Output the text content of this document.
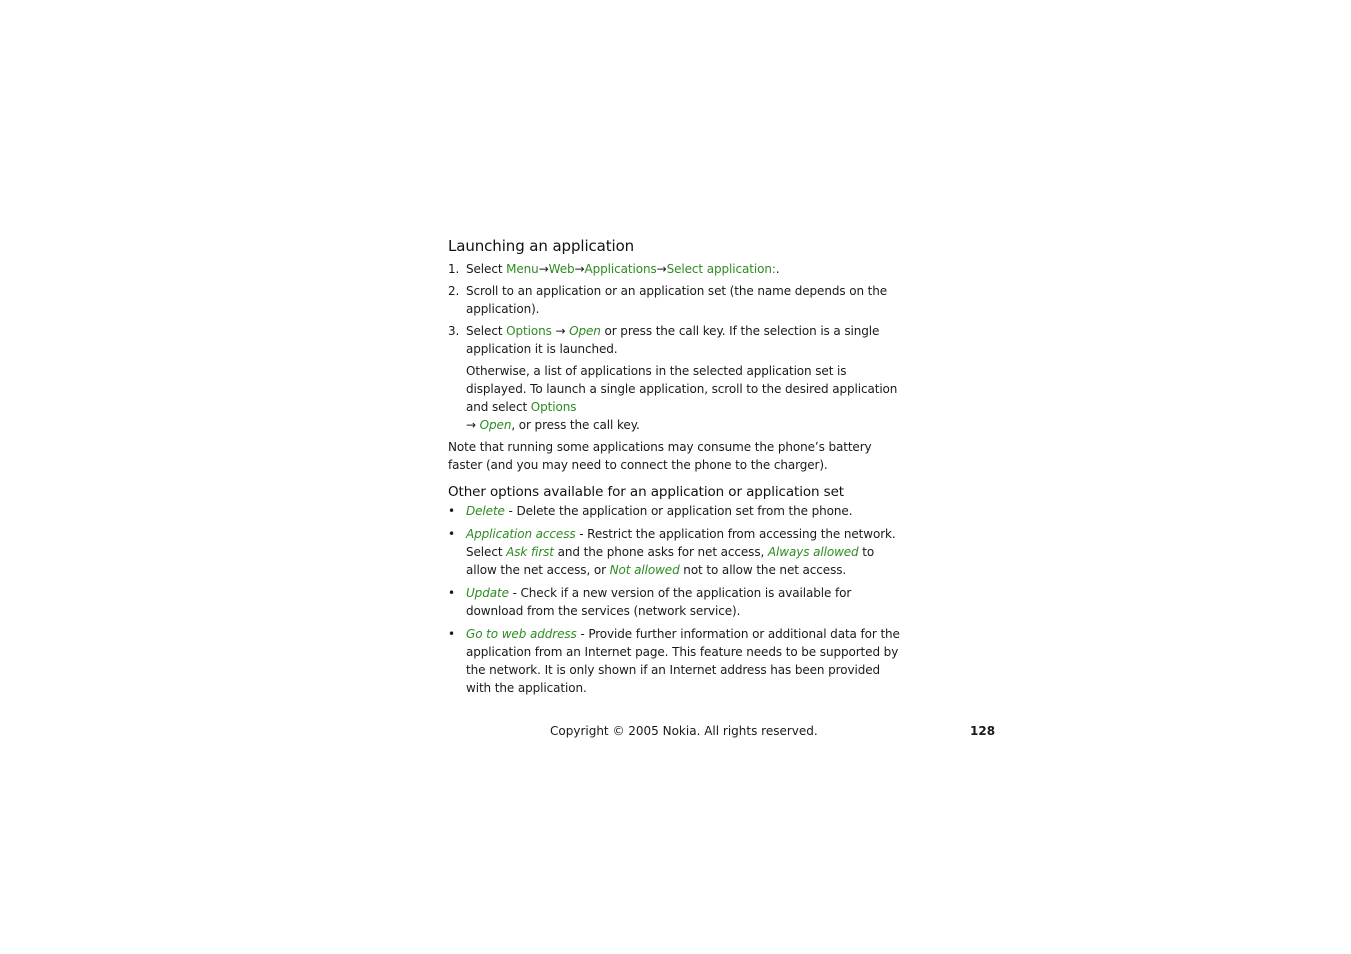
Launching an application
1. Select Menu→Web→Applications→Select application:.
2. Scroll to an application or an application set (the name depends on the application).
3. Select Options → Open or press the call key. If the selection is a single application it is launched.
Otherwise, a list of applications in the selected application set is displayed. To launch a single application, scroll to the desired application and select Options
→ Open, or press the call key.
Note that running some applications may consume the phone’s battery faster (and you may need to connect the phone to the charger).
Other options available for an application or application set
• Delete - Delete the application or application set from the phone.
• Application access - Restrict the application from accessing the network. Select Ask first and the phone asks for net access, Always allowed to allow the net access, or Not allowed not to allow the net access.
• Update - Check if a new version of the application is available for download from the services (network service).
• Go to web address - Provide further information or additional data for the application from an Internet page. This feature needs to be supported by the network. It is only shown if an Internet address has been provided with the application.
Copyright © 2005 Nokia. All rights reserved.	128
